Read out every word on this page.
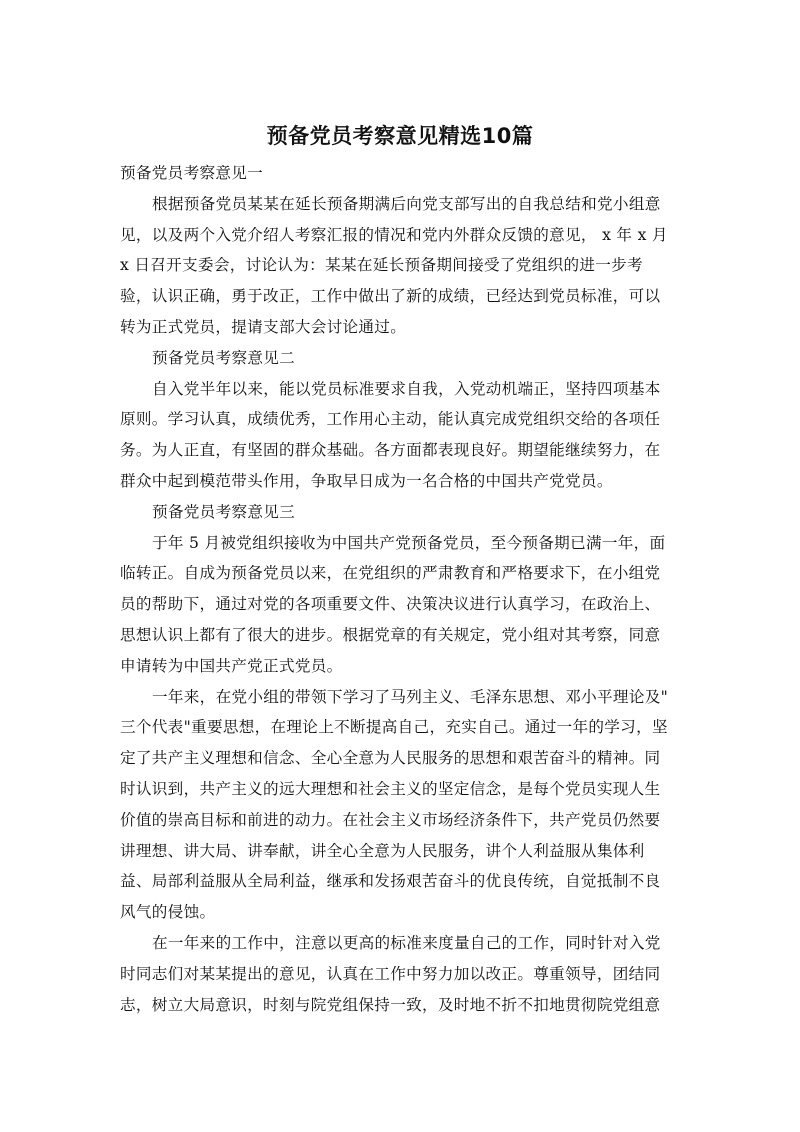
预备党员考察意见精选10篇
预备党员考察意见一
根据预备党员某某在延长预备期满后向党支部写出的自我总结和党小组意
见，以及两个入党介绍人考察汇报的情况和党内外群众反馈的意见， x 年 x 月
x 日召开支委会，讨论认为：某某在延长预备期间接受了党组织的进一步考
验，认识正确，勇于改正，工作中做出了新的成绩，已经达到党员标准，可以
转为正式党员，提请支部大会讨论通过。
预备党员考察意见二
自入党半年以来，能以党员标准要求自我，入党动机端正，坚持四项基本
原则。学习认真，成绩优秀，工作用心主动，能认真完成党组织交给的各项任
务。为人正直，有坚固的群众基础。各方面都表现良好。期望能继续努力，在
群众中起到模范带头作用，争取早日成为一名合格的中国共产党党员。
预备党员考察意见三
于年 5 月被党组织接收为中国共产党预备党员，至今预备期已满一年，面
临转正。自成为预备党员以来，在党组织的严肃教育和严格要求下，在小组党
员的帮助下，通过对党的各项重要文件、决策决议进行认真学习，在政治上、
思想认识上都有了很大的进步。根据党章的有关规定，党小组对其考察，同意
申请转为中国共产党正式党员。
一年来，在党小组的带领下学习了马列主义、毛泽东思想、邓小平理论及"
三个代表"重要思想，在理论上不断提高自己，充实自己。通过一年的学习，坚
定了共产主义理想和信念、全心全意为人民服务的思想和艰苦奋斗的精神。同
时认识到，共产主义的远大理想和社会主义的坚定信念，是每个党员实现人生
价值的崇高目标和前进的动力。在社会主义市场经济条件下，共产党员仍然要
讲理想、讲大局、讲奉献，讲全心全意为人民服务，讲个人利益服从集体利
益、局部利益服从全局利益，继承和发扬艰苦奋斗的优良传统，自觉抵制不良
风气的侵蚀。
在一年来的工作中，注意以更高的标准来度量自己的工作，同时针对入党
时同志们对某某提出的意见，认真在工作中努力加以改正。尊重领导，团结同
志，树立大局意识，时刻与院党组保持一致，及时地不折不扣地贯彻院党组意
